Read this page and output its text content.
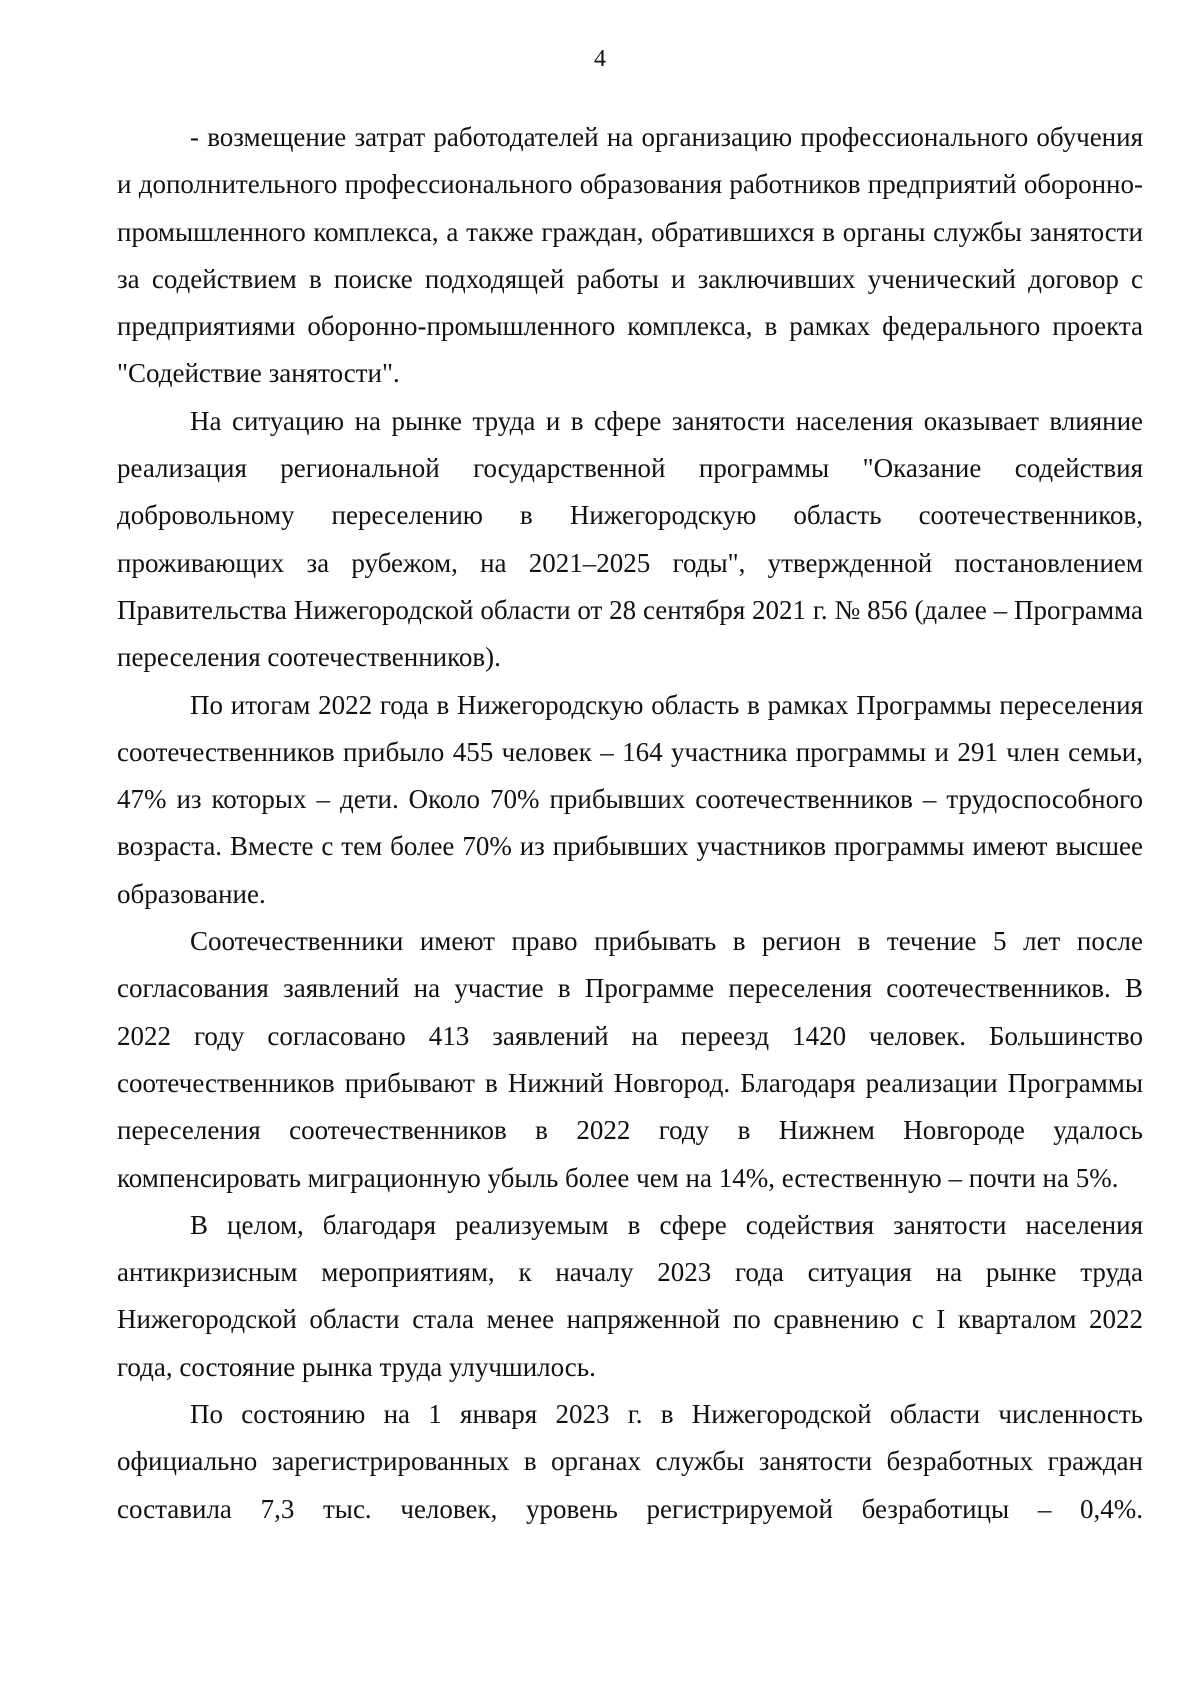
4

- возмещение затрат работодателей на организацию профессионального обучения и дополнительного профессионального образования работников предприятий оборонно-промышленного комплекса, а также граждан, обратившихся в органы службы занятости за содействием в поиске подходящей работы и заключивших ученический договор с предприятиями оборонно-промышленного комплекса, в рамках федерального проекта "Содействие занятости".

На ситуацию на рынке труда и в сфере занятости населения оказывает влияние реализация региональной государственной программы "Оказание содействия добровольному переселению в Нижегородскую область соотечественников, проживающих за рубежом, на 2021–2025 годы", утвержденной постановлением Правительства Нижегородской области от 28 сентября 2021 г. № 856 (далее – Программа переселения соотечественников).

По итогам 2022 года в Нижегородскую область в рамках Программы переселения соотечественников прибыло 455 человек – 164 участника программы и 291 член семьи, 47% из которых – дети. Около 70% прибывших соотечественников – трудоспособного возраста. Вместе с тем более 70% из прибывших участников программы имеют высшее образование.

Соотечественники имеют право прибывать в регион в течение 5 лет после согласования заявлений на участие в Программе переселения соотечественников. В 2022 году согласовано 413 заявлений на переезд 1420 человек. Большинство соотечественников прибывают в Нижний Новгород. Благодаря реализации Программы переселения соотечественников в 2022 году в Нижнем Новгороде удалось компенсировать миграционную убыль более чем на 14%, естественную – почти на 5%.

В целом, благодаря реализуемым в сфере содействия занятости населения антикризисным мероприятиям, к началу 2023 года ситуация на рынке труда Нижегородской области стала менее напряженной по сравнению с I кварталом 2022 года, состояние рынка труда улучшилось.

По состоянию на 1 января 2023 г. в Нижегородской области численность официально зарегистрированных в органах службы занятости безработных граждан составила 7,3 тыс. человек, уровень регистрируемой безработицы – 0,4%.
